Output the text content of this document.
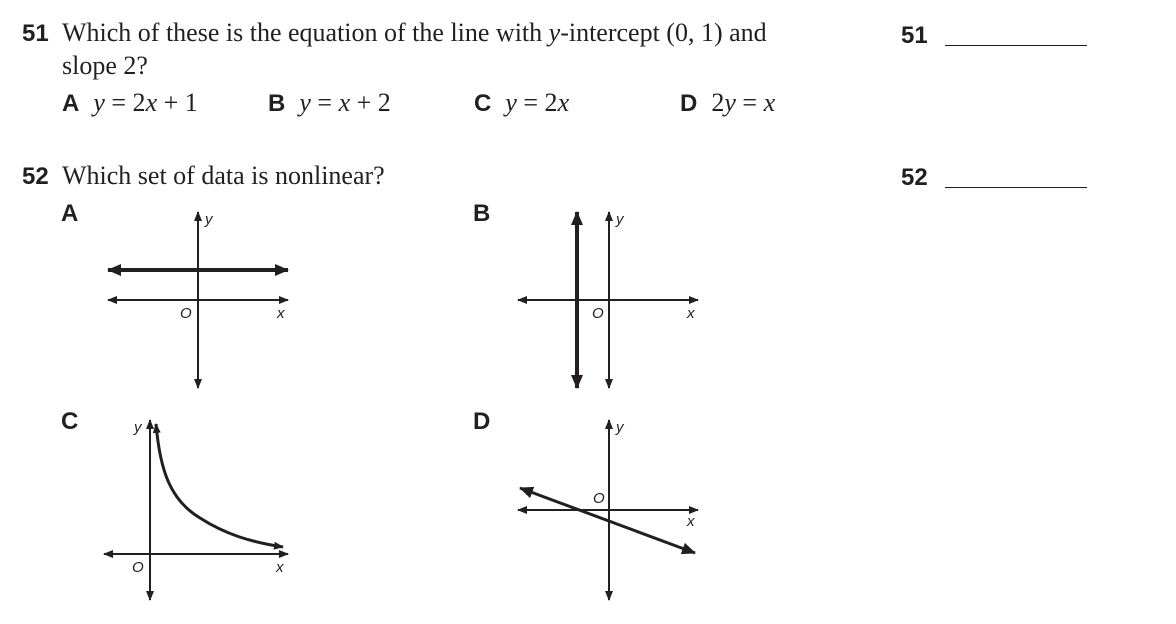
51 Which of these is the equation of the line with y-intercept (0, 1) and
slope 2?
51
A y = 2x + 1	B y = x + 2	C y = 2x	D 2y = x
52 Which set of data is nonlinear?	52
A	B
C	D
y
O	x
y
O	x
y
O	x
y
O
x
